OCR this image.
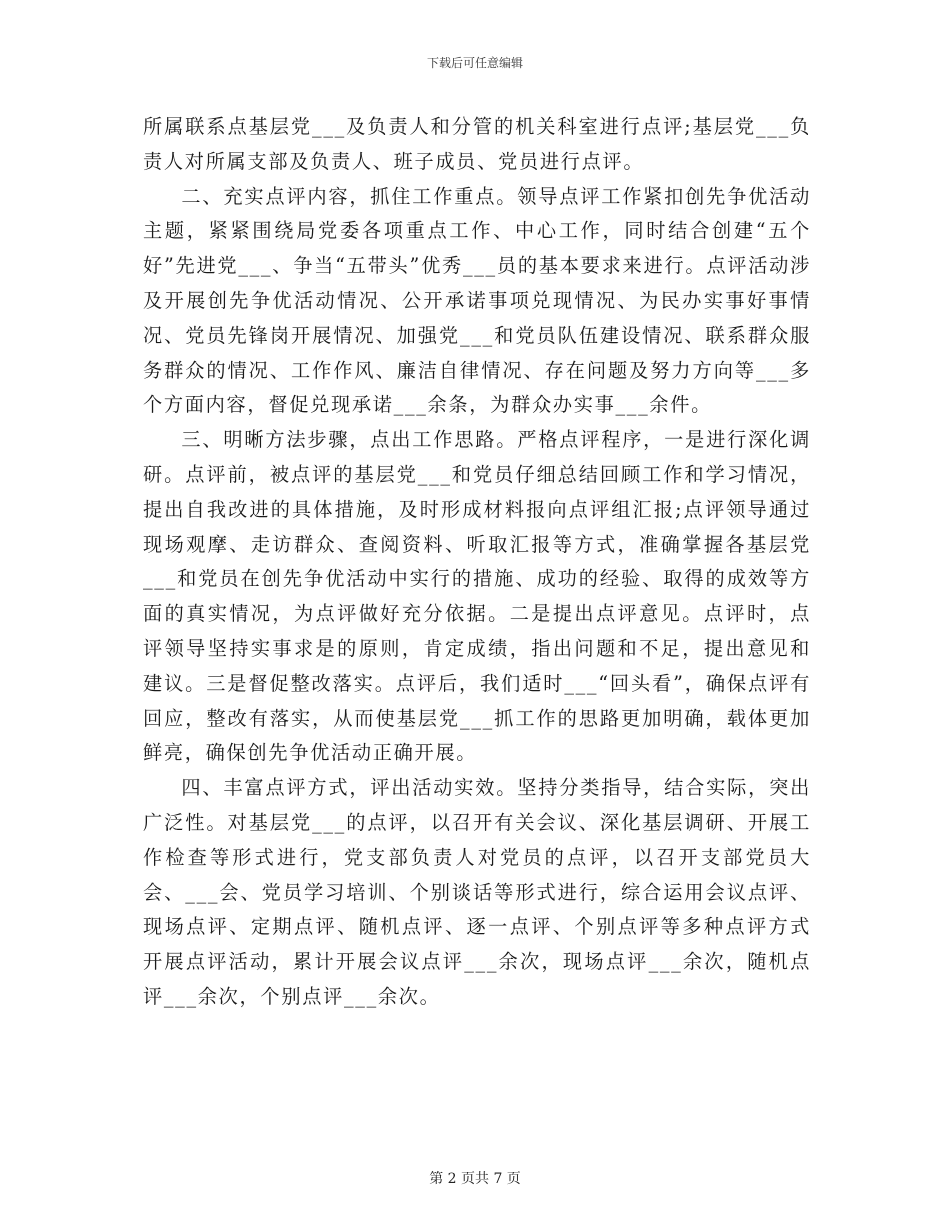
下载后可任意编辑

所属联系点基层党___及负责人和分管的机关科室进行点评;基层党___负责人对所属支部及负责人、班子成员、党员进行点评。

二、充实点评内容，抓住工作重点。领导点评工作紧扣创先争优活动主题，紧紧围绕局党委各项重点工作、中心工作，同时结合创建“五个好”先进党___、争当“五带头”优秀___员的基本要求来进行。点评活动涉及开展创先争优活动情况、公开承诺事项兑现情况、为民办实事好事情况、党员先锋岗开展情况、加强党___和党员队伍建设情况、联系群众服务群众的情况、工作作风、廉洁自律情况、存在问题及努力方向等___多个方面内容，督促兑现承诺___余条，为群众办实事___余件。

三、明晰方法步骤，点出工作思路。严格点评程序，一是进行深化调研。点评前，被点评的基层党___和党员仔细总结回顾工作和学习情况，提出自我改进的具体措施，及时形成材料报向点评组汇报;点评领导通过现场观摩、走访群众、查阅资料、听取汇报等方式，准确掌握各基层党___和党员在创先争优活动中实行的措施、成功的经验、取得的成效等方面的真实情况，为点评做好充分依据。二是提出点评意见。点评时，点评领导坚持实事求是的原则，肯定成绩，指出问题和不足，提出意见和建议。三是督促整改落实。点评后，我们适时___“回头看”，确保点评有回应，整改有落实，从而使基层党___抓工作的思路更加明确，载体更加鲜亮，确保创先争优活动正确开展。

四、丰富点评方式，评出活动实效。坚持分类指导，结合实际，突出广泛性。对基层党___的点评，以召开有关会议、深化基层调研、开展工作检查等形式进行，党支部负责人对党员的点评，以召开支部党员大会、___会、党员学习培训、个别谈话等形式进行，综合运用会议点评、现场点评、定期点评、随机点评、逐一点评、个别点评等多种点评方式开展点评活动，累计开展会议点评___余次，现场点评___余次，随机点评___余次，个别点评___余次。

第 2 页共 7 页
